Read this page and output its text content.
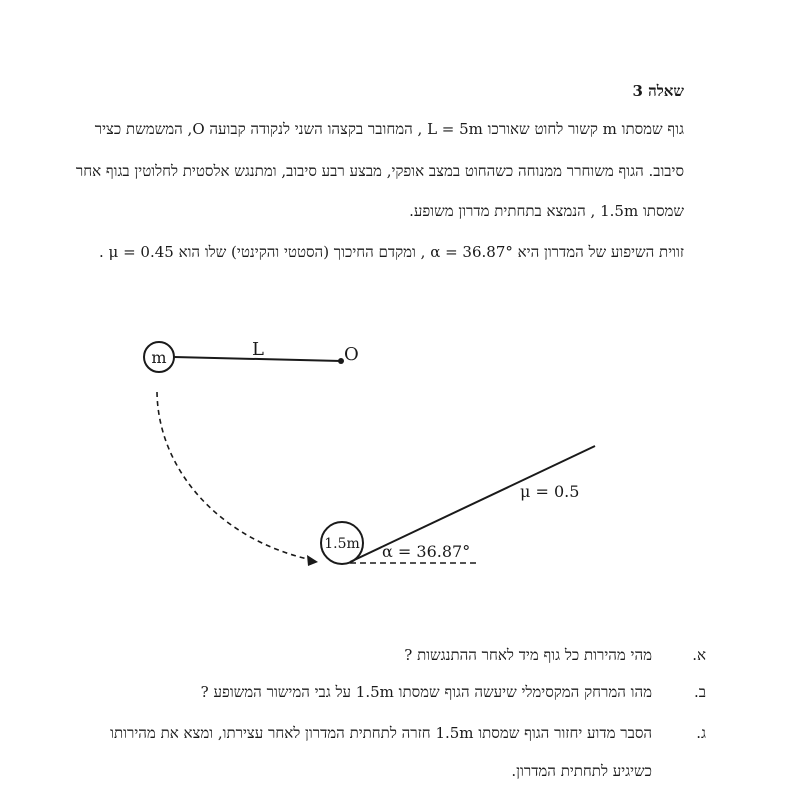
שאלה 3
גוף שמסתו m קשור לחוט שאורכו L = 5m , המחובר בקצהו השני לנקודה קבועה O, המשמשת כציר
סיבוב. הגוף משוחרר ממנוחה כשהחוט במצב אופקי, מבצע רבע סיבוב, ומתנגש אלסטית לחלוטין בגוף אחר
שמסתו 1.5m , הנמצא בתחתית מדרון משופע.
זווית השיפוע של המדרון היא α = 36.87° , ומקדם החיכוך (הסטטי והקינטי) שלו הוא μ = 0.45 .
m	L	O
1.5m α = 36.87°
μ = 0.5
א.
מהי מהירות כל גוף מיד לאחר ההתנגשות ?
ב.
מהו המרחק המקסימלי שיעשה הגוף שמסתו 1.5m על גבי המישור המשופע ?
ג.
הסבר מדוע יחזור הגוף שמסתו 1.5m חזרה לתחתית המדרון לאחר עצירתו, ומצא את מהירותו
כשיגיע לתחתית המדרון.
